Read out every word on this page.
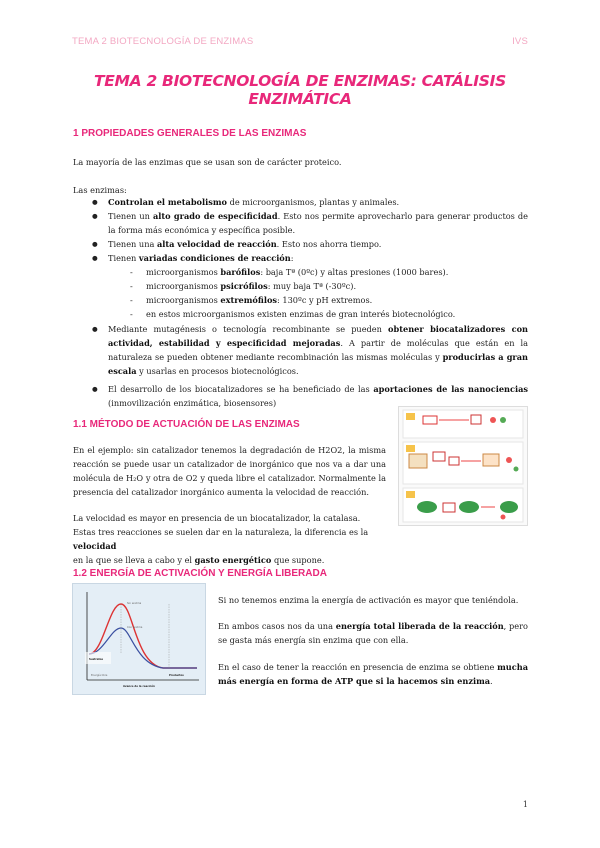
TEMA 2 BIOTECNOLOGÍA DE ENZIMAS	IVS
TEMA 2 BIOTECNOLOGÍA DE ENZIMAS: CATÁLISIS
ENZIMÁTICA
1 PROPIEDADES GENERALES DE LAS ENZIMAS
La mayoría de las enzimas que se usan son de carácter proteico.
Las enzimas:
● Controlan el metabolismo de microorganismos, plantas y animales.
● Tienen un alto grado de especificidad. Esto nos permite aprovecharlo para generar productos de la forma más económica y específica posible.
● Tienen una alta velocidad de reacción. Esto nos ahorra tiempo.
● Tienen variadas condiciones de reacción:
- microorganismos barófilos: baja Tª (0ºc) y altas presiones (1000 bares).
- microorganismos psicrófilos: muy baja Tª (-30ºc).
- microorganismos extremófilos: 130ºc y pH extremos.
- en estos microorganismos existen enzimas de gran interés biotecnológico.
● Mediante mutagénesis o tecnología recombinante se pueden obtener biocatalizadores con actividad, estabilidad y especificidad mejoradas. A partir de moléculas que están en la naturaleza se pueden obtener mediante recombinación las mismas moléculas y producirlas a gran escala y usarlas en procesos biotecnológicos.
● El desarrollo de los biocatalizadores se ha beneficiado de las aportaciones de las nanociencias (inmovilización enzimática, biosensores)
1.1 MÉTODO DE ACTUACIÓN DE LAS ENZIMAS
En el ejemplo: sin catalizador tenemos la degradación de H2O2, la misma reacción se puede usar un catalizador de inorgánico que nos va a dar una molécula de H₂O y otra de O2 y queda libre el catalizador. Normalmente la presencia del catalizador inorgánico aumenta la velocidad de reacción.
La velocidad es mayor en presencia de un biocatalizador, la catalasa.
Estas tres reacciones se suelen dar en la naturaleza, la diferencia es la velocidad
en la que se lleva a cabo y el gasto energético que supone.
1.2 ENERGÍA DE ACTIVACIÓN Y ENERGÍA LIBERADA
Sin enzima
Con enzima
Sustratos
Productos
Energía libre
Avance de la reacción
Si no tenemos enzima la energía de activación es mayor que teniéndola.
En ambos casos nos da una energía total liberada de la reacción, pero se gasta más energía sin enzima que con ella.
En el caso de tener la reacción en presencia de enzima se obtiene mucha más energía en forma de ATP que si la hacemos sin enzima.
1
